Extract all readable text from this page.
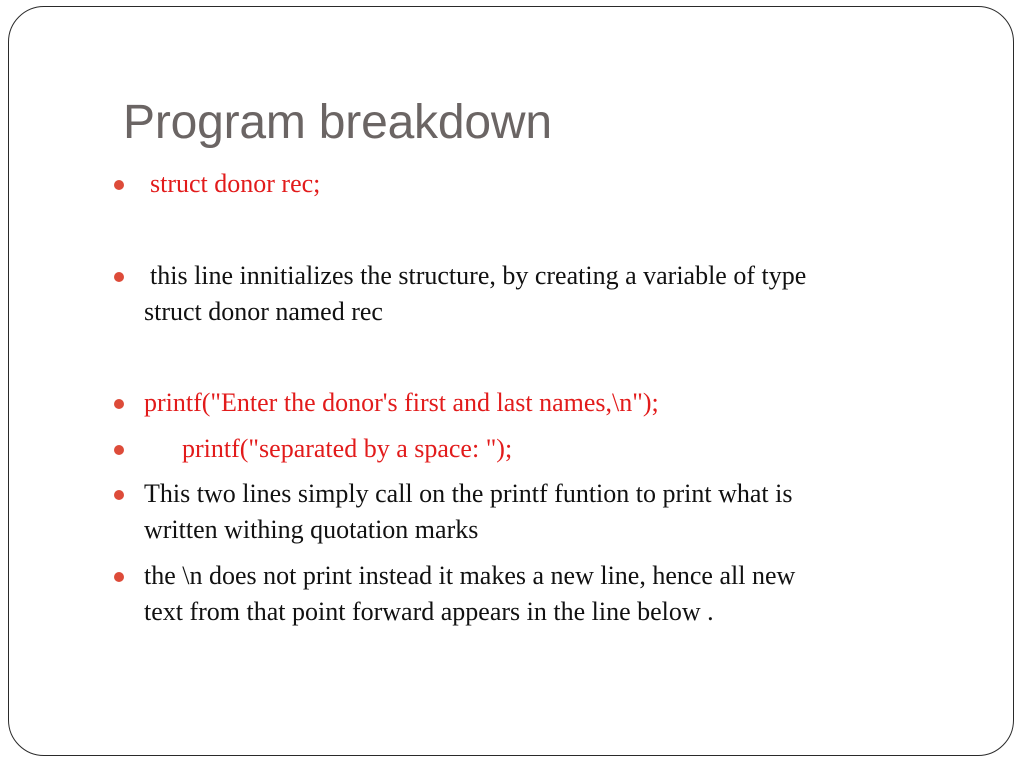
Program breakdown
struct donor rec;
this line innitializes the structure, by creating a variable of type
struct donor named rec
printf("Enter the donor's first and last names,\n");
printf("separated by a space: ");
This two lines simply call on the printf funtion to print what is
written withing quotation marks
the \n does not print instead it makes a new line, hence all new
text from that point forward appears in the line below .
